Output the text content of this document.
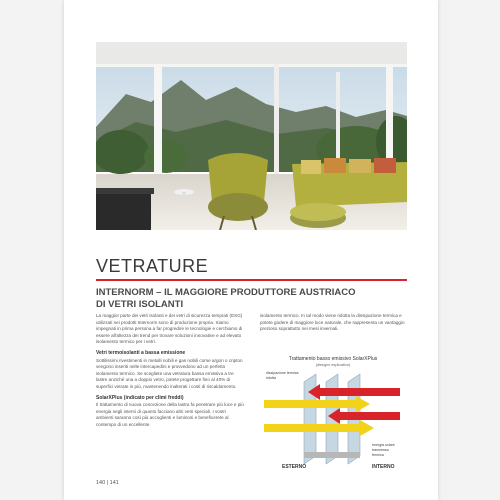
VETRATURE
INTERNORM – IL MAGGIORE PRODUTTORE AUSTRIACO
DI VETRI ISOLANTI

La maggior parte dei vetri isolanti e dei vetri di sicurezza temprati (ESG) utilizzati nei prodotti Internorm sono di produzione propria. Siamo impegnati in prima persona a far progredire le tecnologie e cerchiamo di essere all'altezza dei trend per trovare soluzioni innovative e ad elevato isolamento termico per i vetri.

Vetri termoisolanti a bassa emissione

Sottilissimi rivestimenti in metalli nobili e gas nobili come argon o cripton vengono inseriti nelle intercapedini e provvedono ad un perfetto isolamento termico. Se scegliete una vetratura bassa emissiva a tre lastre anziché una a doppio vetro, potete progettare fino al 40% di superfici vetrate in più, mantenendo inalterati i costi di riscaldamento.

SolarXPlus (indicato per climi freddi)

Il trattamento di nuova concezione della lastra fa penetrare più luce e più energia negli interni di quanto facciano altri vetri speciali. I vostri ambienti saranno così più accoglienti e luminosi e beneficerete al contempo di un eccellente

isolamento termico. In tal modo viene ridotta la dissipazione termica e potete godere di maggiore luce naturale, che rappresenta un vantaggio prezioso soprattutto nei mesi invernali.

Trattamento basso emissivo SolarXPlus
(disegno esplicativo)
dissipazione termica
ridotta
energia solare
trasmessa
termica
ESTERNO	INTERNO
140 | 141
